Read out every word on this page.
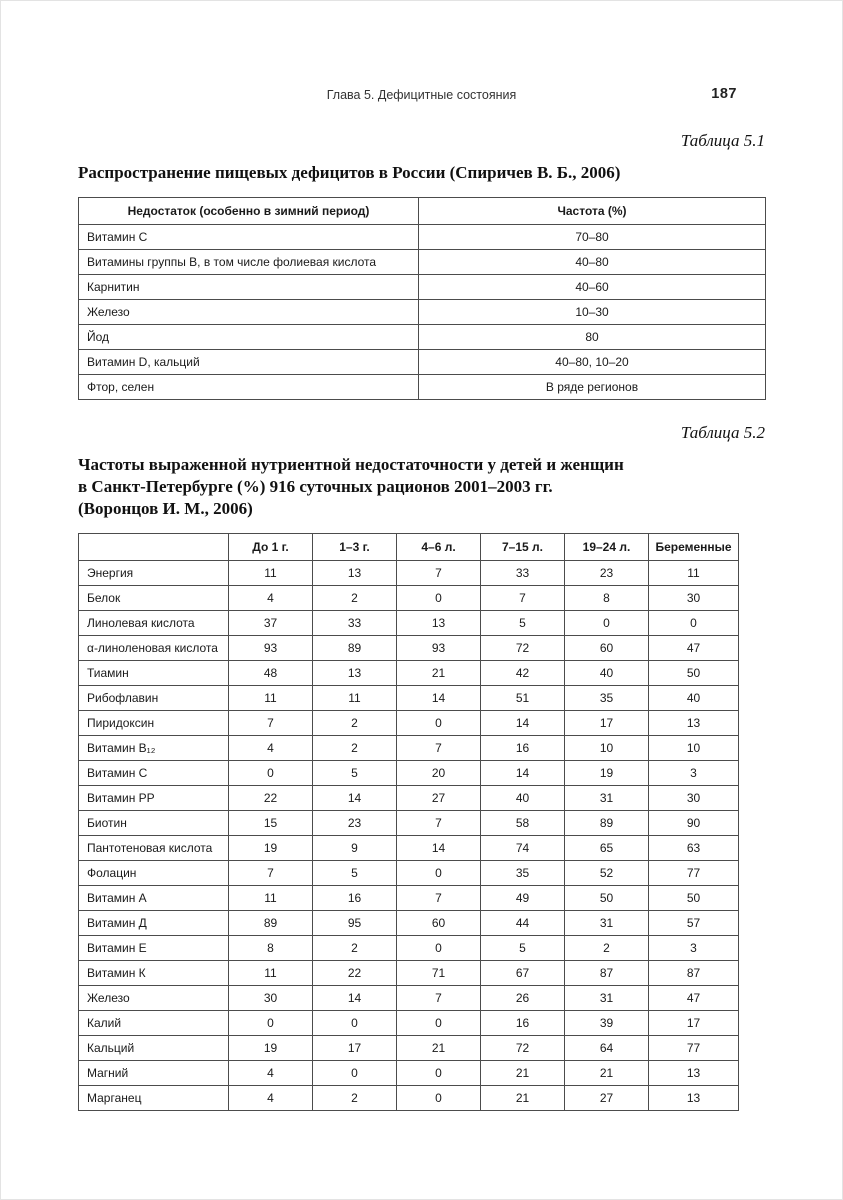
Глава 5. Дефицитные состояния	187
Таблица 5.1
Распространение пищевых дефицитов в России (Спиричев В. Б., 2006)
Недостаток (особенно в зимний период)	Частота (%)
Витамин С	70–80
Витамины группы В, в том числе фолиевая кислота	40–80
Карнитин	40–60
Железо	10–30
Йод	80
Витамин D, кальций	40–80, 10–20
Фтор, селен	В ряде регионов
Таблица 5.2
Частоты выраженной нутриентной недостаточности у детей и женщин
в Санкт-Петербурге (%) 916 суточных рационов 2001–2003 гг.
(Воронцов И. М., 2006)
	До 1 г.	1–3 г.	4–6 л.	7–15 л.	19–24 л.	Беременные
Энергия	11	13	7	33	23	11
Белок	4	2	0	7	8	30
Линолевая кислота	37	33	13	5	0	0
α-линоленовая кислота	93	89	93	72	60	47
Тиамин	48	13	21	42	40	50
Рибофлавин	11	11	14	51	35	40
Пиридоксин	7	2	0	14	17	13
Витамин В₁₂	4	2	7	16	10	10
Витамин С	0	5	20	14	19	3
Витамин РР	22	14	27	40	31	30
Биотин	15	23	7	58	89	90
Пантотеновая кислота	19	9	14	74	65	63
Фолацин	7	5	0	35	52	77
Витамин А	11	16	7	49	50	50
Витамин Д	89	95	60	44	31	57
Витамин Е	8	2	0	5	2	3
Витамин К	11	22	71	67	87	87
Железо	30	14	7	26	31	47
Калий	0	0	0	16	39	17
Кальций	19	17	21	72	64	77
Магний	4	0	0	21	21	13
Марганец	4	2	0	21	27	13
